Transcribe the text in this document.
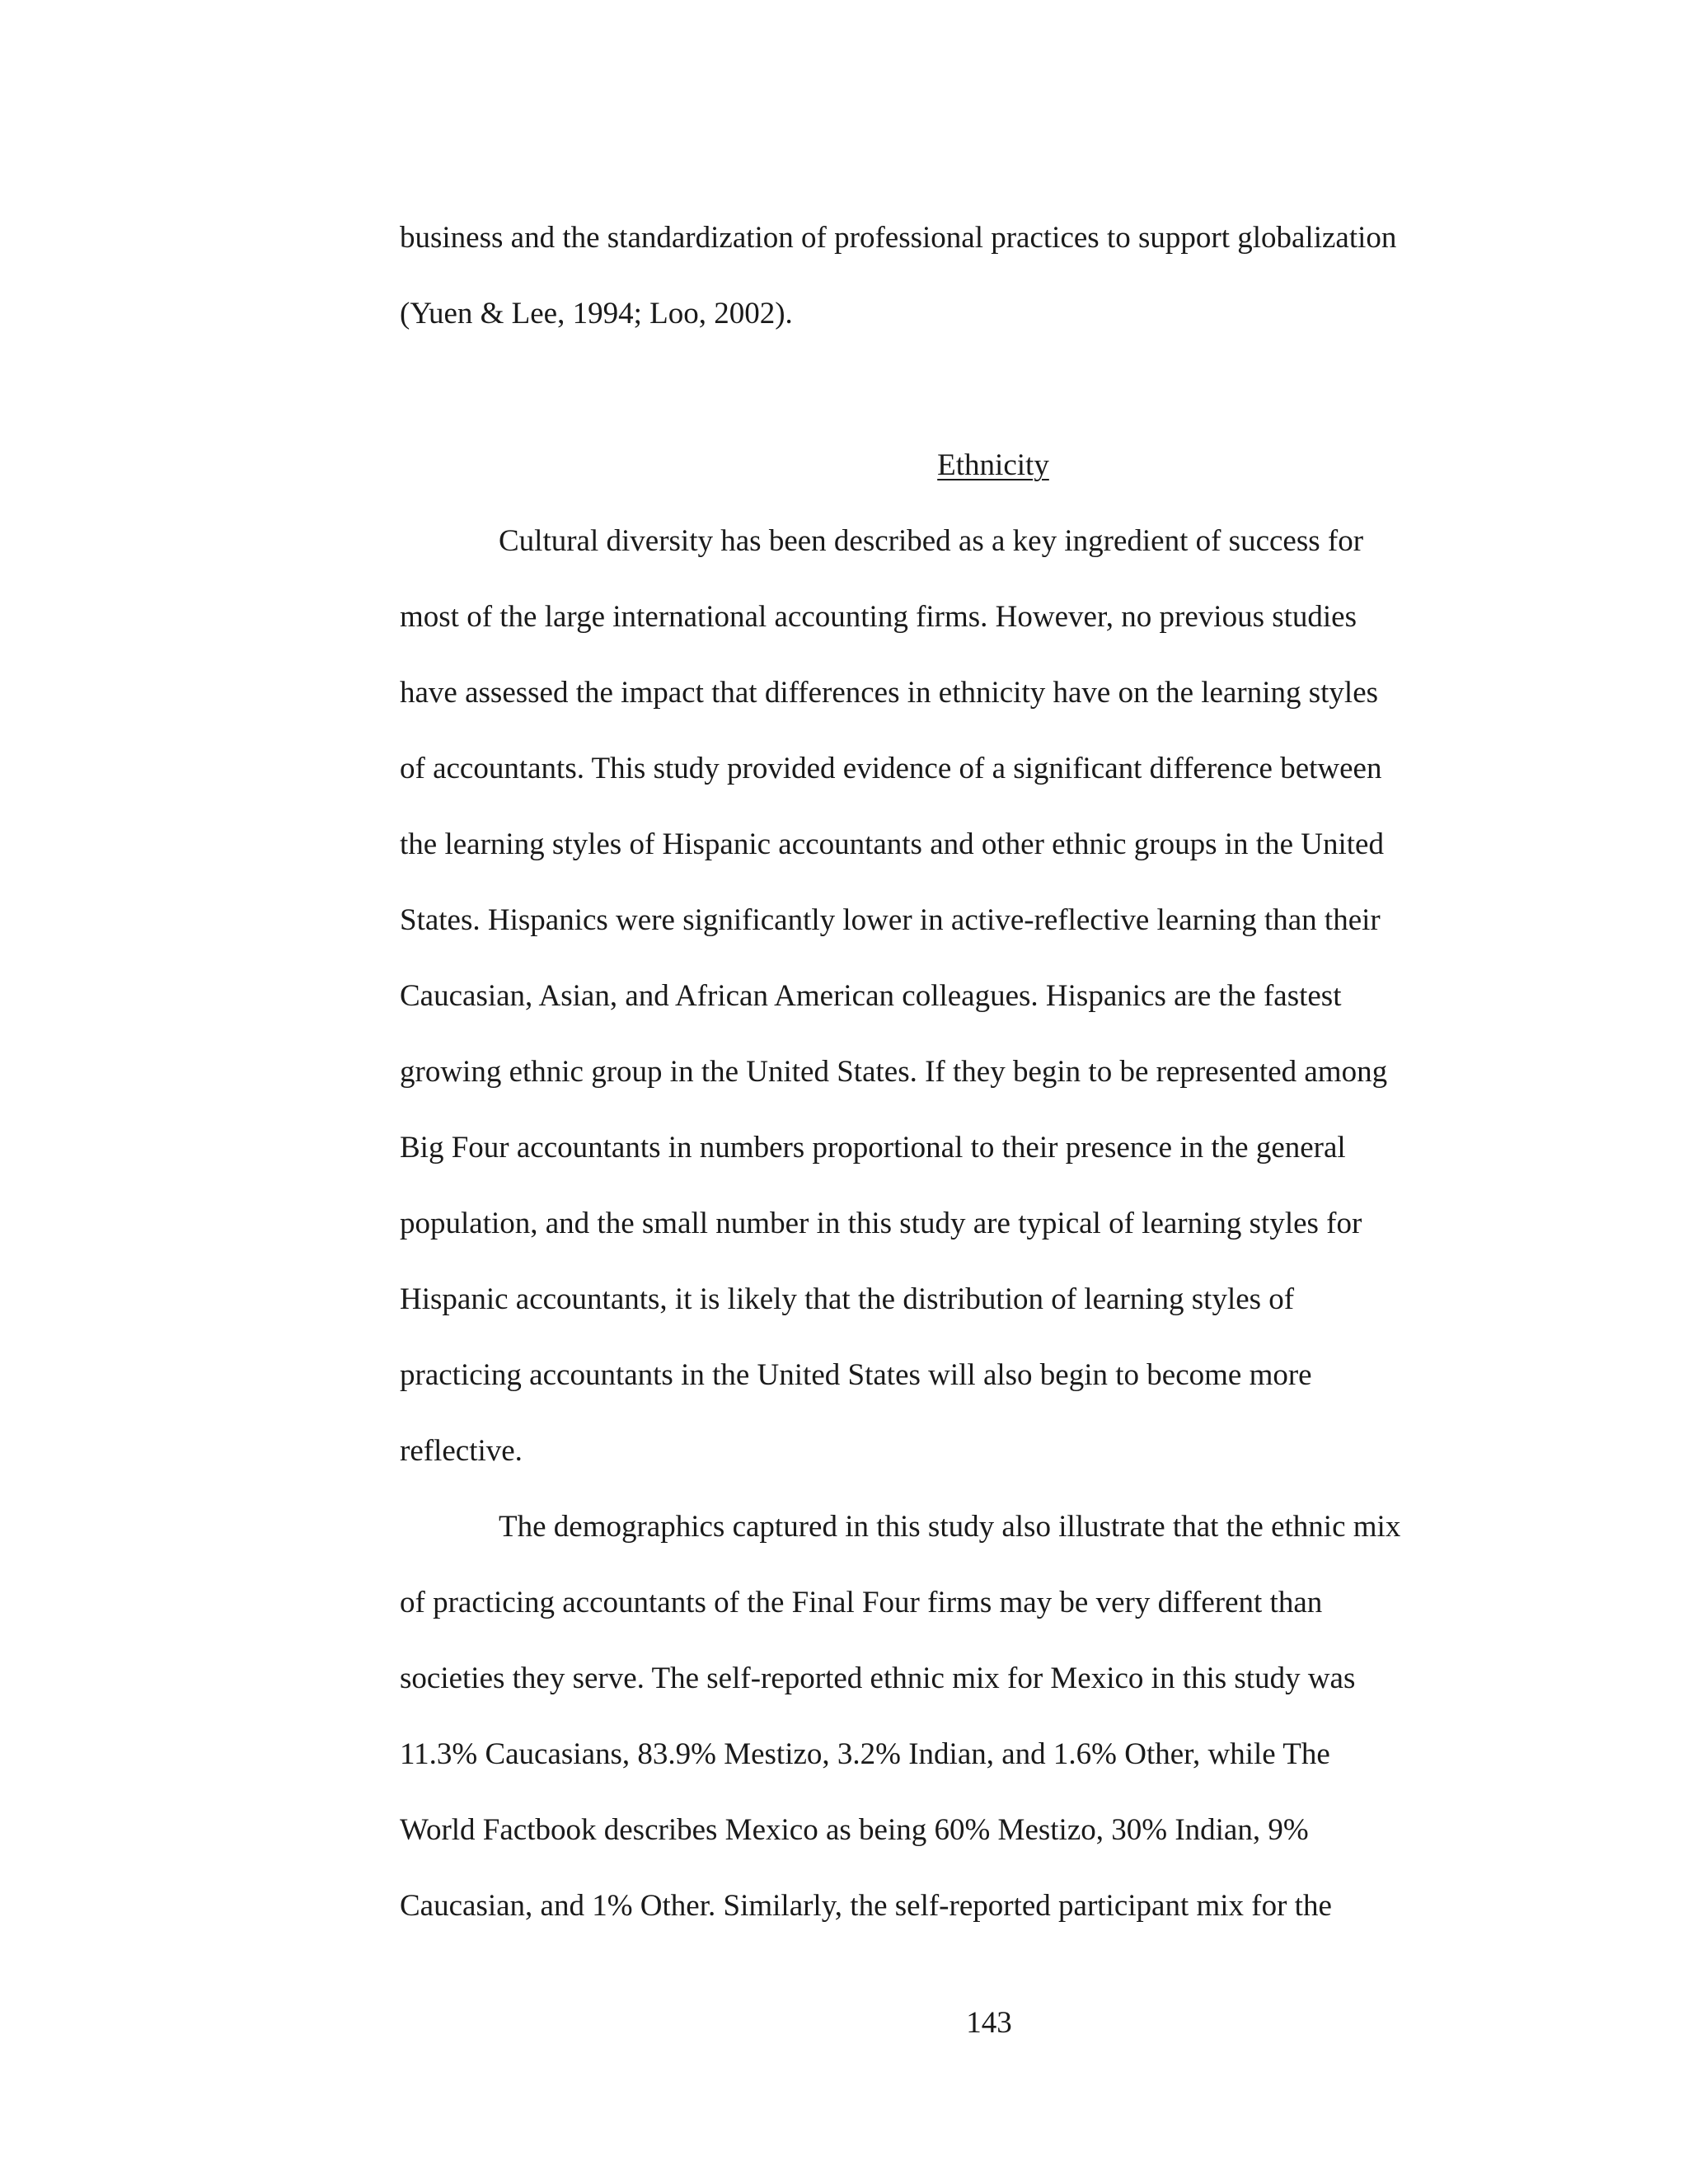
business and the standardization of professional practices to support globalization

(Yuen & Lee, 1994; Loo, 2002).

Ethnicity

Cultural diversity has been described as a key ingredient of success for

most of the large international accounting firms. However, no previous studies

have assessed the impact that differences in ethnicity have on the learning styles

of accountants. This study provided evidence of a significant difference between

the learning styles of Hispanic accountants and other ethnic groups in the United

States. Hispanics were significantly lower in active-reflective learning than their

Caucasian, Asian, and African American colleagues. Hispanics are the fastest

growing ethnic group in the United States. If they begin to be represented among

Big Four accountants in numbers proportional to their presence in the general

population, and the small number in this study are typical of learning styles for

Hispanic accountants, it is likely that the distribution of learning styles of

practicing accountants in the United States will also begin to become more

reflective.

The demographics captured in this study also illustrate that the ethnic mix

of practicing accountants of the Final Four firms may be very different than

societies they serve. The self-reported ethnic mix for Mexico in this study was

11.3% Caucasians, 83.9% Mestizo, 3.2% Indian, and 1.6% Other, while The

World Factbook describes Mexico as being 60% Mestizo, 30% Indian, 9%

Caucasian, and 1% Other. Similarly, the self-reported participant mix for the

143
